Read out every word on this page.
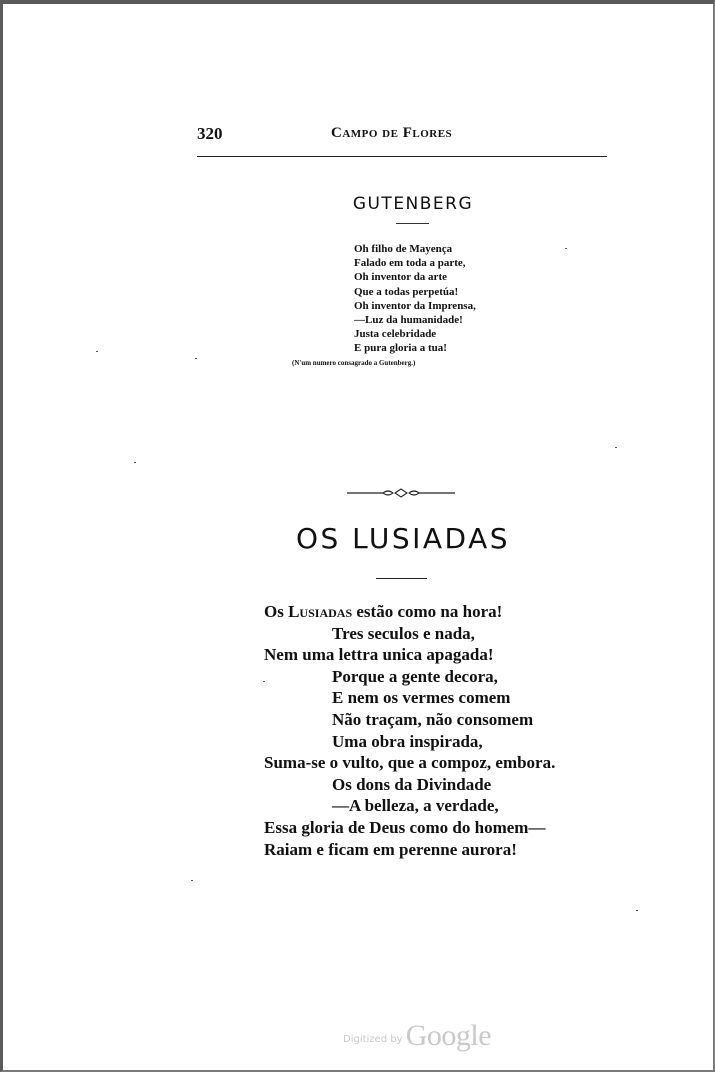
320	Campo de Flores
GUTENBERG
Oh filho de Mayença
Falado em toda a parte,
Oh inventor da arte
Que a todas perpetúa!
Oh inventor da Imprensa,
—Luz da humanidade!
Justa celebridade
E pura gloria a tua!
(N'um numero consagrado a Gutenberg.)
OS LUSIADAS
Os Lusiadas estão como na hora!
Tres seculos e nada,
Nem uma lettra unica apagada!
Porque a gente decora,
E nem os vermes comem
Não traçam, não consomem
Uma obra inspirada,
Suma-se o vulto, que a compoz, embora.
Os dons da Divindade
—A belleza, a verdade,
Essa gloria de Deus como do homem—
Raiam e ficam em perenne aurora!
Digitized by Google
